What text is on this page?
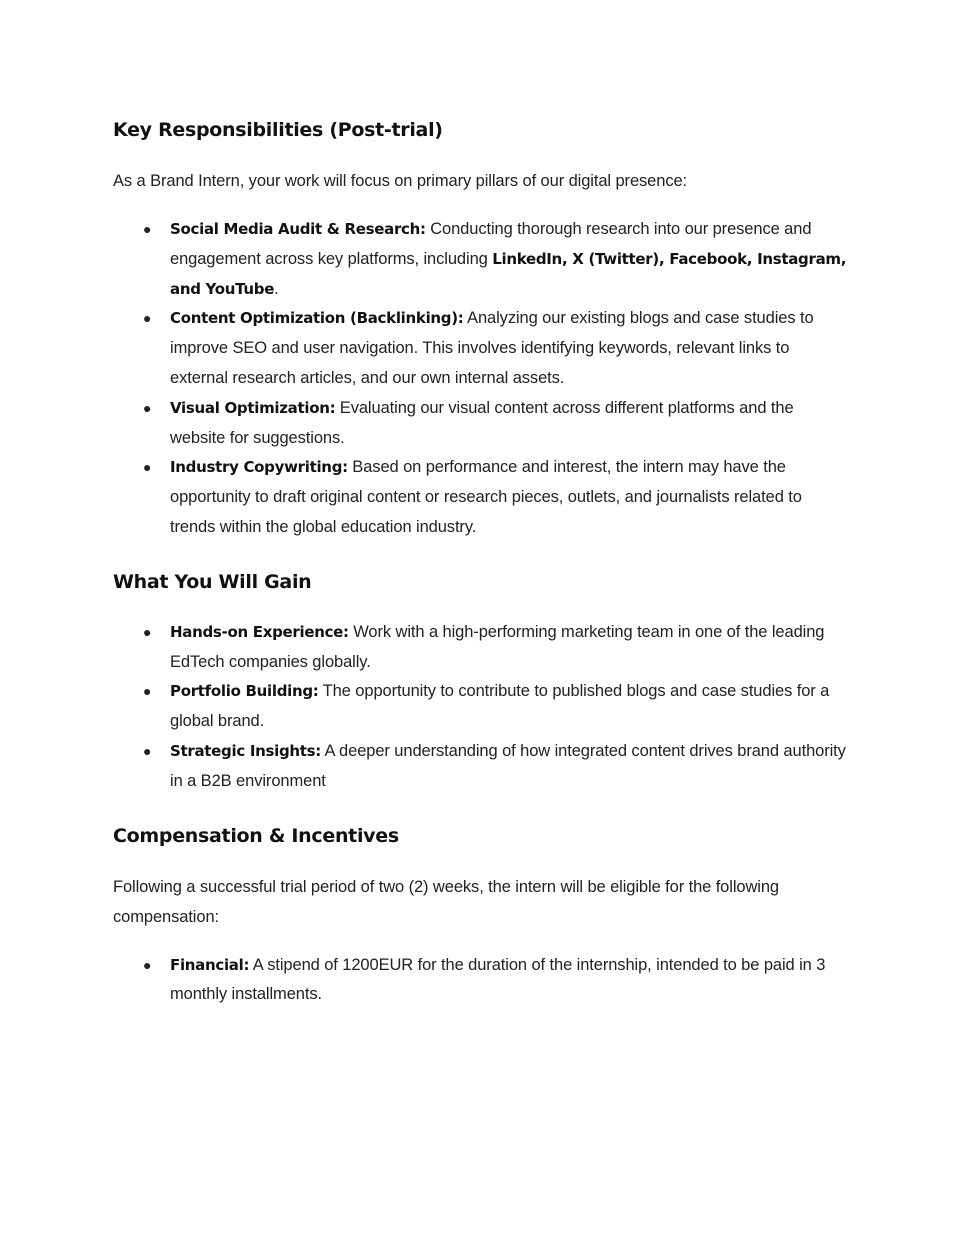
Key Responsibilities (Post-trial)

As a Brand Intern, your work will focus on primary pillars of our digital presence:

● Social Media Audit & Research: Conducting thorough research into our presence and engagement across key platforms, including LinkedIn, X (Twitter), Facebook, Instagram, and YouTube.
● Content Optimization (Backlinking): Analyzing our existing blogs and case studies to improve SEO and user navigation. This involves identifying keywords, relevant links to external research articles, and our own internal assets.
● Visual Optimization: Evaluating our visual content across different platforms and the website for suggestions.
● Industry Copywriting: Based on performance and interest, the intern may have the opportunity to draft original content or research pieces, outlets, and journalists related to trends within the global education industry.
What You Will Gain
● Hands-on Experience: Work with a high-performing marketing team in one of the leading EdTech companies globally.
● Portfolio Building: The opportunity to contribute to published blogs and case studies for a global brand.
● Strategic Insights: A deeper understanding of how integrated content drives brand authority in a B2B environment
Compensation & Incentives

Following a successful trial period of two (2) weeks, the intern will be eligible for the following compensation:

● Financial: A stipend of 1200EUR for the duration of the internship, intended to be paid in 3 monthly installments.
